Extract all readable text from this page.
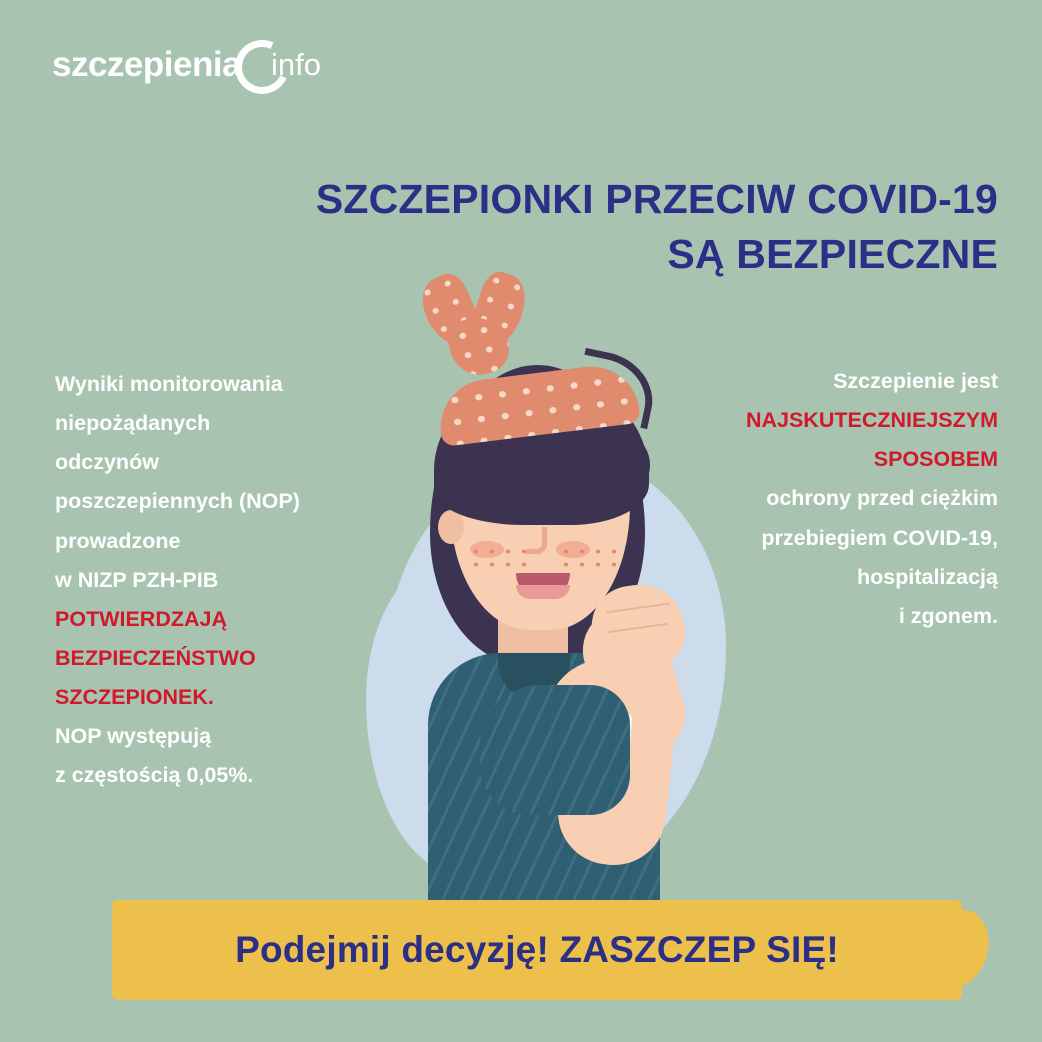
szczepienia info
SZCZEPIONKI PRZECIW COVID-19
SĄ BEZPIECZNE

Wyniki monitorowania

niepożądanych

odczynów

poszczepiennych (NOP)

prowadzone

w NIZP PZH-PIB

POTWIERDZAJĄ

BEZPIECZEŃSTWO

SZCZEPIONEK.

NOP występują

z częstością 0,05%.

Szczepienie jest

NAJSKUTECZNIEJSZYM

SPOSOBEM

ochrony przed ciężkim

przebiegiem COVID-19,

hospitalizacją

i zgonem.

Podejmij decyzję! ZASZCZEP SIĘ!
